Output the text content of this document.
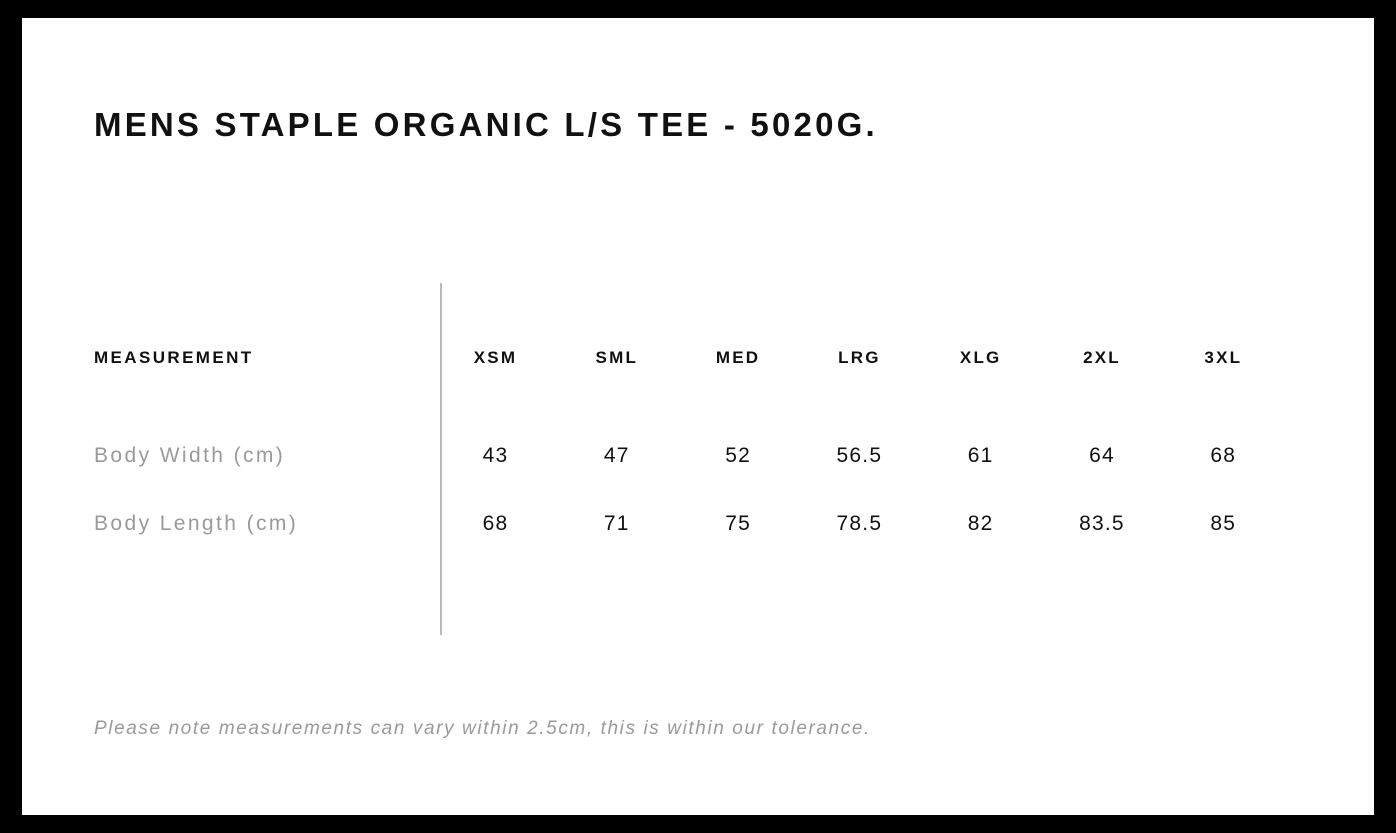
MENS STAPLE ORGANIC L/S TEE - 5020G.
MEASUREMENT	XSM	SML	MED	LRG	XLG	2XL	3XL
Body Width (cm)	43	47	52	56.5	61	64	68
Body Length (cm)	68	71	75	78.5	82	83.5	85
Please note measurements can vary within 2.5cm, this is within our tolerance.
